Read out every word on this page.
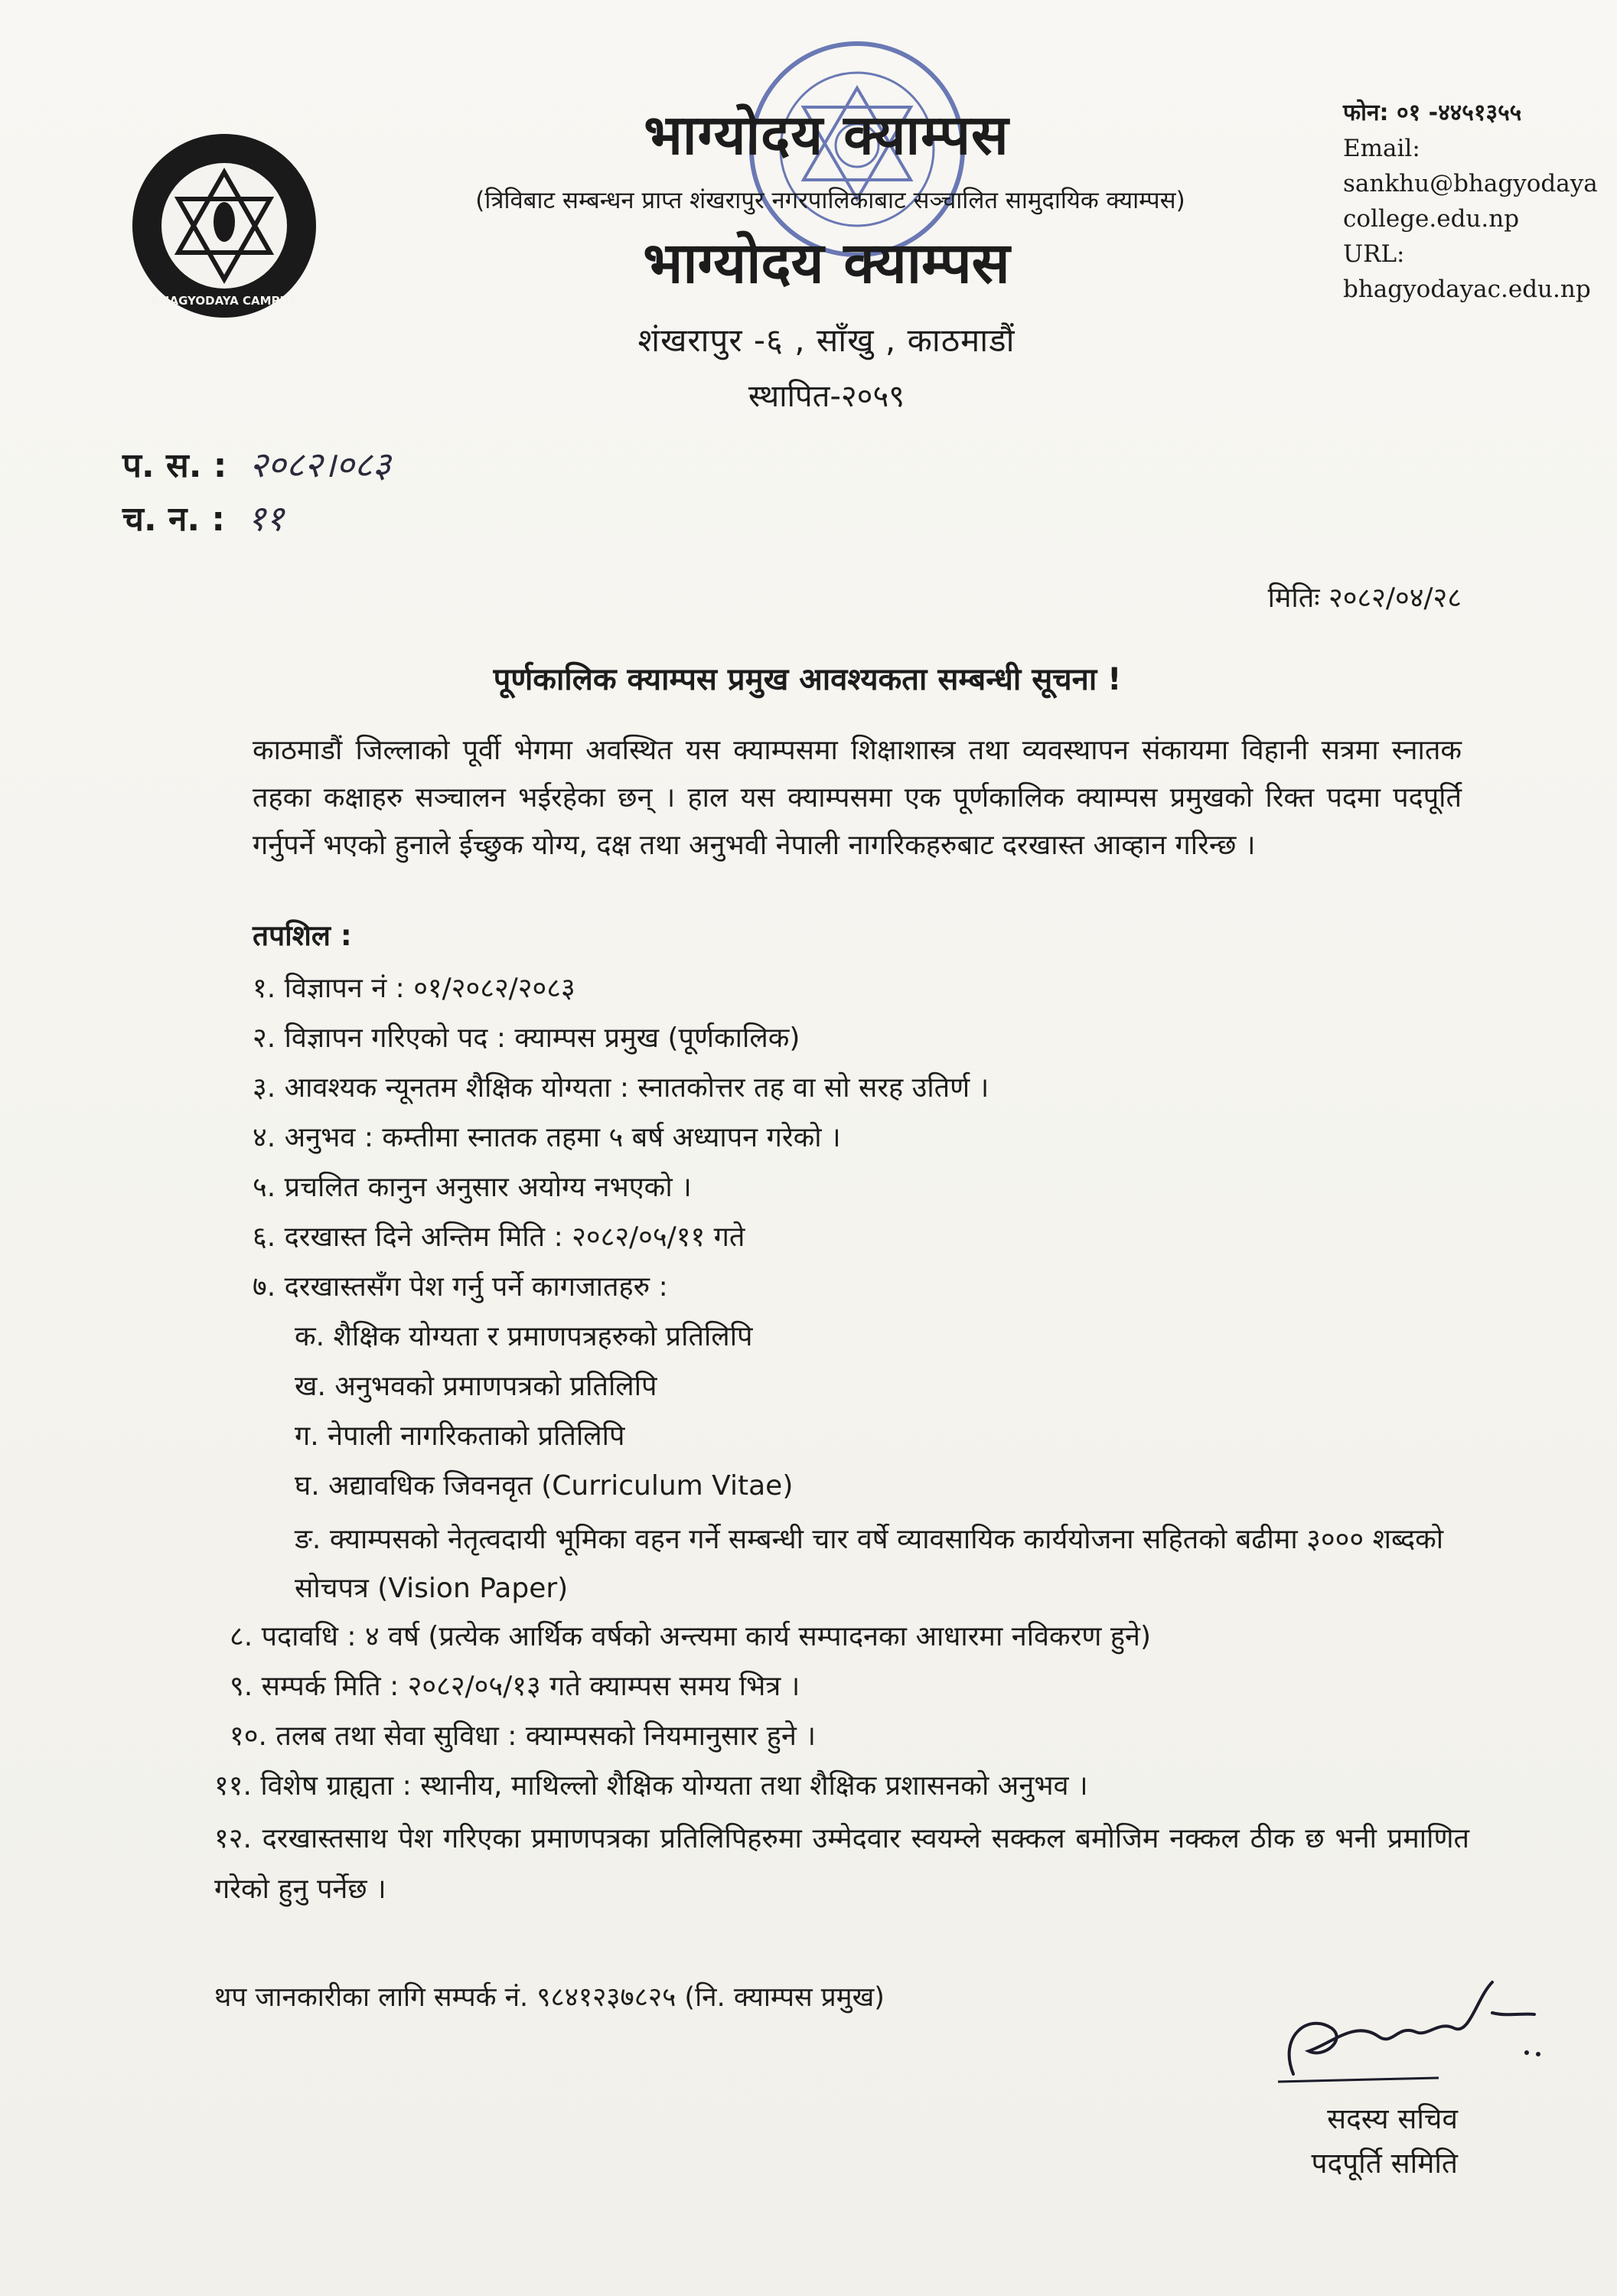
BHAGYODAYA CAMPUS
भाग्योदय क्याम्पस
(त्रिविबाट सम्बन्धन प्राप्त शंखरापुर नगरपालिकाबाट सञ्चालित सामुदायिक क्याम्पस)
भाग्योदय क्याम्पस
शंखरापुर -६ , साँखु , काठमाडौं
स्थापित-२०५९
फोन: ०१ -४४५१३५५
Email:
sankhu@bhagyodaya
college.edu.np
URL:
bhagyodayac.edu.np
प. स. : २०८२।०८३
च. न. : ११
मितिः २०८२/०४/२८
पूर्णकालिक क्याम्पस प्रमुख आवश्यकता सम्बन्धी सूचना !
काठमाडौं जिल्लाको पूर्वी भेगमा अवस्थित यस क्याम्पसमा शिक्षाशास्त्र तथा व्यवस्थापन संकायमा विहानी सत्रमा स्नातक तहका कक्षाहरु सञ्चालन भईरहेका छन् । हाल यस क्याम्पसमा एक पूर्णकालिक क्याम्पस प्रमुखको रिक्त पदमा पदपूर्ति गर्नुपर्ने भएको हुनाले ईच्छुक योग्य, दक्ष तथा अनुभवी नेपाली नागरिकहरुबाट दरखास्त आव्हान गरिन्छ ।
तपशिल :
१. विज्ञापन नं : ०१/२०८२/२०८३
२. विज्ञापन गरिएको पद : क्याम्पस प्रमुख (पूर्णकालिक)
३. आवश्यक न्यूनतम शैक्षिक योग्यता : स्नातकोत्तर तह वा सो सरह उतिर्ण ।
४. अनुभव : कम्तीमा स्नातक तहमा ५ बर्ष अध्यापन गरेको ।
५. प्रचलित कानुन अनुसार अयोग्य नभएको ।
६. दरखास्त दिने अन्तिम मिति : २०८२/०५/११ गते
७. दरखास्तसँग पेश गर्नु पर्ने कागजातहरु :
क. शैक्षिक योग्यता र प्रमाणपत्रहरुको प्रतिलिपि
ख. अनुभवको प्रमाणपत्रको प्रतिलिपि
ग. नेपाली नागरिकताको प्रतिलिपि
घ. अद्यावधिक जिवनवृत (Curriculum Vitae)
ङ. क्याम्पसको नेतृत्वदायी भूमिका वहन गर्ने सम्बन्धी चार वर्षे व्यावसायिक कार्ययोजना सहितको बढीमा ३००० शब्दको सोचपत्र (Vision Paper)
८. पदावधि : ४ वर्ष (प्रत्येक आर्थिक वर्षको अन्त्यमा कार्य सम्पादनका आधारमा नविकरण हुने)
९. सम्पर्क मिति : २०८२/०५/१३ गते क्याम्पस समय भित्र ।
१०. तलब तथा सेवा सुविधा : क्याम्पसको नियमानुसार हुने ।
११. विशेष ग्राह्यता : स्थानीय, माथिल्लो शैक्षिक योग्यता तथा शैक्षिक प्रशासनको अनुभव ।
१२. दरखास्तसाथ पेश गरिएका प्रमाणपत्रका प्रतिलिपिहरुमा उम्मेदवार स्वयम्ले सक्कल बमोजिम नक्कल ठीक छ भनी प्रमाणित गरेको हुनु पर्नेछ ।
थप जानकारीका लागि सम्पर्क नं. ९८४१२३७८२५ (नि. क्याम्पस प्रमुख)
सदस्य सचिव
पदपूर्ति समिति
